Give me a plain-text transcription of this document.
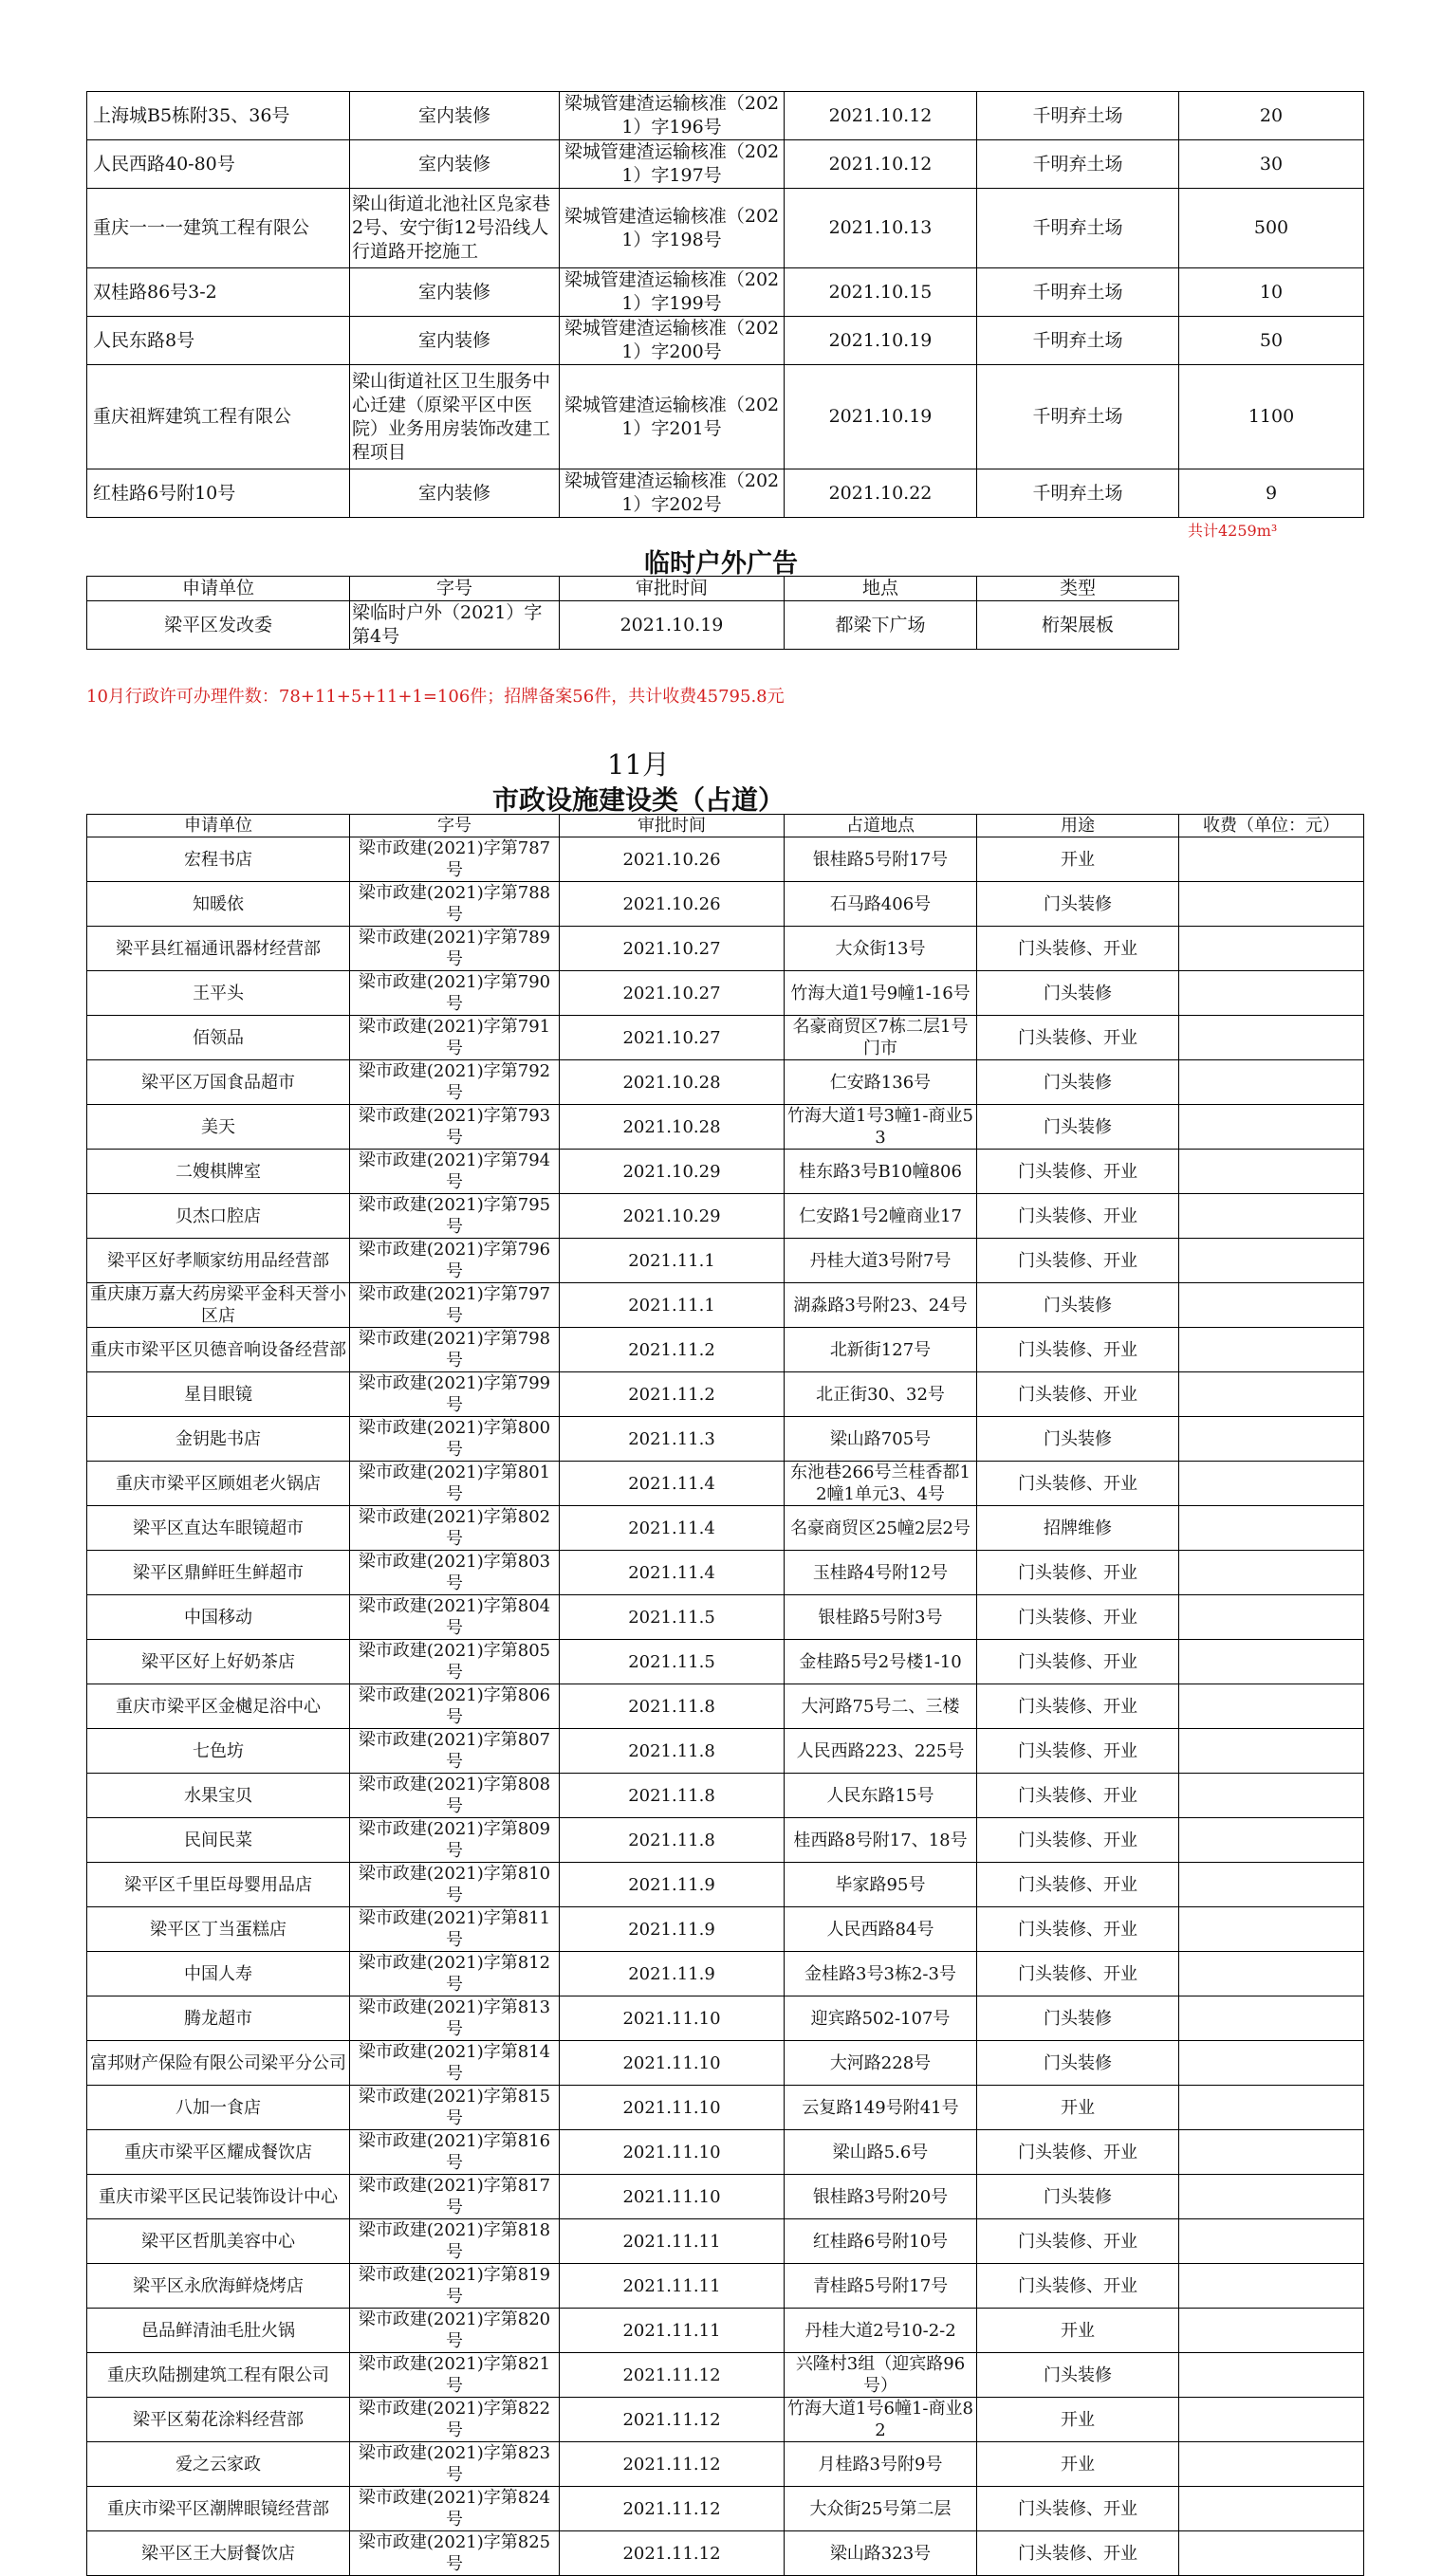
上海城B5栋附35、36号	室内装修	梁城管建渣运输核准（2021）字196号	2021.10.12	千明弃土场	20
人民西路40-80号	室内装修	梁城管建渣运输核准（2021）字197号	2021.10.12	千明弃土场	30
重庆一一一建筑工程有限公	梁山街道北池社区凫家巷2号、安宁街12号沿线人行道路开挖施工	梁城管建渣运输核准（2021）字198号	2021.10.13	千明弃土场	500
双桂路86号3-2	室内装修	梁城管建渣运输核准（2021）字199号	2021.10.15	千明弃土场	10
人民东路8号	室内装修	梁城管建渣运输核准（2021）字200号	2021.10.19	千明弃土场	50
重庆祖辉建筑工程有限公	梁山街道社区卫生服务中心迁建（原梁平区中医院）业务用房装饰改建工程项目	梁城管建渣运输核准（2021）字201号	2021.10.19	千明弃土场	1100
红桂路6号附10号	室内装修	梁城管建渣运输核准（2021）字202号	2021.10.22	千明弃土场	9
共计4259m³
临时户外广告
申请单位	字号	审批时间	地点	类型	
梁平区发改委	梁临时户外（2021）字第4号	2021.10.19	都梁下广场	桁架展板	
10月行政许可办理件数：78+11+5+11+1=106件；招牌备案56件，共计收费45795.8元
11月
市政设施建设类（占道）
申请单位	字号	审批时间	占道地点	用途	收费（单位：元）
宏程书店	梁市政建(2021)字第787号	2021.10.26	银桂路5号附17号	开业	
知暖依	梁市政建(2021)字第788号	2021.10.26	石马路406号	门头装修	
梁平县红福通讯器材经营部	梁市政建(2021)字第789号	2021.10.27	大众街13号	门头装修、开业	
王平头	梁市政建(2021)字第790号	2021.10.27	竹海大道1号9幢1-16号	门头装修	
佰领品	梁市政建(2021)字第791号	2021.10.27	名豪商贸区7栋二层1号门市	门头装修、开业	
梁平区万国食品超市	梁市政建(2021)字第792号	2021.10.28	仁安路136号	门头装修	
美天	梁市政建(2021)字第793号	2021.10.28	竹海大道1号3幢1-商业53	门头装修	
二嫂棋牌室	梁市政建(2021)字第794号	2021.10.29	桂东路3号B10幢806	门头装修、开业	
贝杰口腔店	梁市政建(2021)字第795号	2021.10.29	仁安路1号2幢商业17	门头装修、开业	
梁平区好孝顺家纺用品经营部	梁市政建(2021)字第796号	2021.11.1	丹桂大道3号附7号	门头装修、开业	
重庆康万嘉大药房梁平金科天誉小区店	梁市政建(2021)字第797号	2021.11.1	湖淼路3号附23、24号	门头装修	
重庆市梁平区贝德音响设备经营部	梁市政建(2021)字第798号	2021.11.2	北新街127号	门头装修、开业	
星目眼镜	梁市政建(2021)字第799号	2021.11.2	北正街30、32号	门头装修、开业	
金钥匙书店	梁市政建(2021)字第800号	2021.11.3	梁山路705号	门头装修	
重庆市梁平区顾姐老火锅店	梁市政建(2021)字第801号	2021.11.4	东池巷266号兰桂香都12幢1单元3、4号	门头装修、开业	
梁平区直达车眼镜超市	梁市政建(2021)字第802号	2021.11.4	名豪商贸区25幢2层2号	招牌维修	
梁平区鼎鲜旺生鲜超市	梁市政建(2021)字第803号	2021.11.4	玉桂路4号附12号	门头装修、开业	
中国移动	梁市政建(2021)字第804号	2021.11.5	银桂路5号附3号	门头装修、开业	
梁平区好上好奶茶店	梁市政建(2021)字第805号	2021.11.5	金桂路5号2号楼1-10	门头装修、开业	
重庆市梁平区金樾足浴中心	梁市政建(2021)字第806号	2021.11.8	大河路75号二、三楼	门头装修、开业	
七色坊	梁市政建(2021)字第807号	2021.11.8	人民西路223、225号	门头装修、开业	
水果宝贝	梁市政建(2021)字第808号	2021.11.8	人民东路15号	门头装修、开业	
民间民菜	梁市政建(2021)字第809号	2021.11.8	桂西路8号附17、18号	门头装修、开业	
梁平区千里臣母婴用品店	梁市政建(2021)字第810号	2021.11.9	毕家路95号	门头装修、开业	
梁平区丁当蛋糕店	梁市政建(2021)字第811号	2021.11.9	人民西路84号	门头装修、开业	
中国人寿	梁市政建(2021)字第812号	2021.11.9	金桂路3号3栋2-3号	门头装修、开业	
腾龙超市	梁市政建(2021)字第813号	2021.11.10	迎宾路502-107号	门头装修	
富邦财产保险有限公司梁平分公司	梁市政建(2021)字第814号	2021.11.10	大河路228号	门头装修	
八加一食店	梁市政建(2021)字第815号	2021.11.10	云复路149号附41号	开业	
重庆市梁平区耀成餐饮店	梁市政建(2021)字第816号	2021.11.10	梁山路5.6号	门头装修、开业	
重庆市梁平区民记装饰设计中心	梁市政建(2021)字第817号	2021.11.10	银桂路3号附20号	门头装修	
梁平区哲肌美容中心	梁市政建(2021)字第818号	2021.11.11	红桂路6号附10号	门头装修、开业	
梁平区永欣海鲜烧烤店	梁市政建(2021)字第819号	2021.11.11	青桂路5号附17号	门头装修、开业	
邑品鲜清油毛肚火锅	梁市政建(2021)字第820号	2021.11.11	丹桂大道2号10-2-2	开业	
重庆玖陆捌建筑工程有限公司	梁市政建(2021)字第821号	2021.11.12	兴隆村3组（迎宾路96号）	门头装修	
梁平区菊花涂料经营部	梁市政建(2021)字第822号	2021.11.12	竹海大道1号6幢1-商业82	开业	
爱之云家政	梁市政建(2021)字第823号	2021.11.12	月桂路3号附9号	开业	
重庆市梁平区潮牌眼镜经营部	梁市政建(2021)字第824号	2021.11.12	大众街25号第二层	门头装修、开业	
梁平区王大厨餐饮店	梁市政建(2021)字第825号	2021.11.12	梁山路323号	门头装修、开业	
